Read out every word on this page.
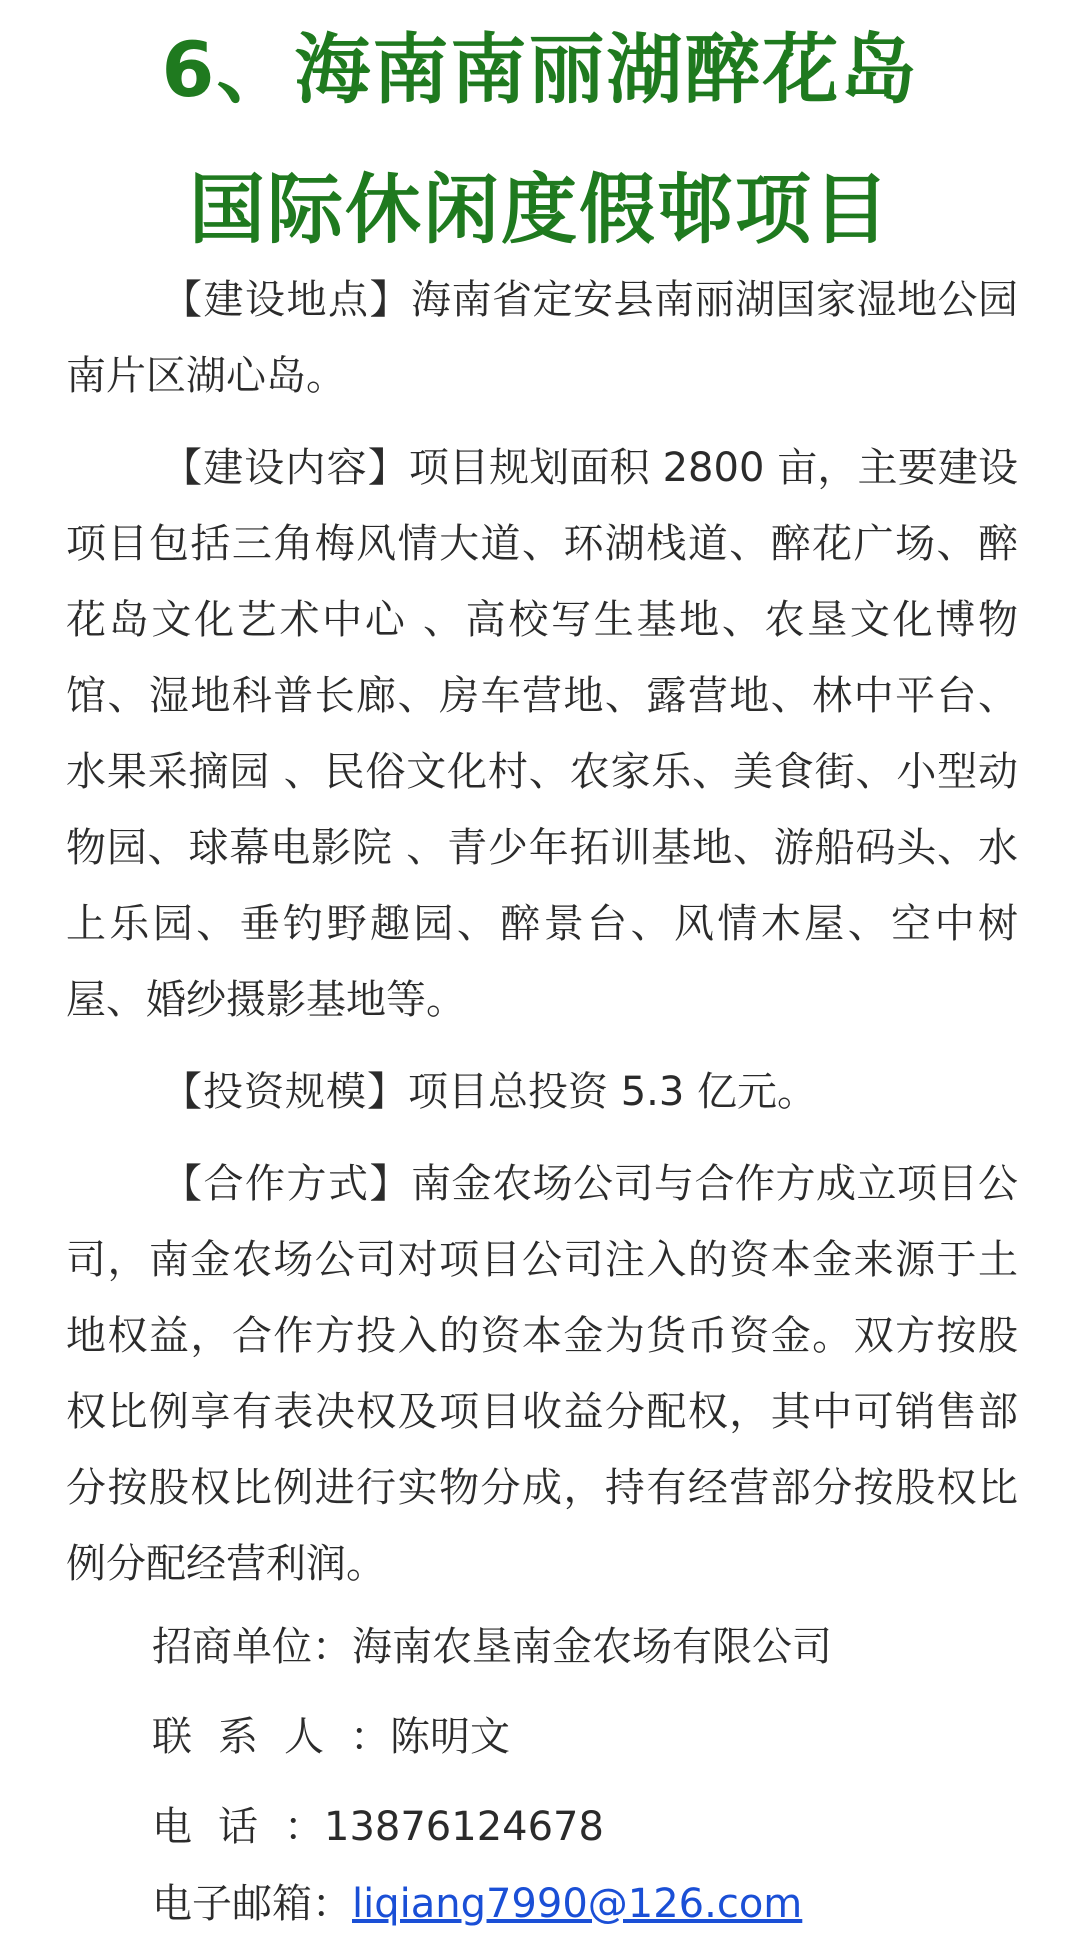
6、海南南丽湖醉花岛
国际休闲度假邨项目

【建设地点】海南省定安县南丽湖国家湿地公园南片区湖心岛。

【建设内容】项目规划面积 2800 亩，主要建设项目包括三角梅风情大道、环湖栈道、醉花广场、醉花岛文化艺术中心 、高校写生基地、农垦文化博物馆、湿地科普长廊、房车营地、露营地、林中平台、水果采摘园 、民俗文化村、农家乐、美食街、小型动物园、球幕电影院 、青少年拓训基地、游船码头、水上乐园、垂钓野趣园、醉景台、风情木屋、空中树屋、婚纱摄影基地等。

【投资规模】项目总投资 5.3 亿元。

【合作方式】南金农场公司与合作方成立项目公司，南金农场公司对项目公司注入的资本金来源于土地权益，合作方投入的资本金为货币资金。双方按股权比例享有表决权及项目收益分配权，其中可销售部分按股权比例进行实物分成，持有经营部分按股权比例分配经营利润。

招商单位：海南农垦南金农场有限公司
联系人：陈明文
电话：13876124678
电子邮箱：liqiang7990@126.com
